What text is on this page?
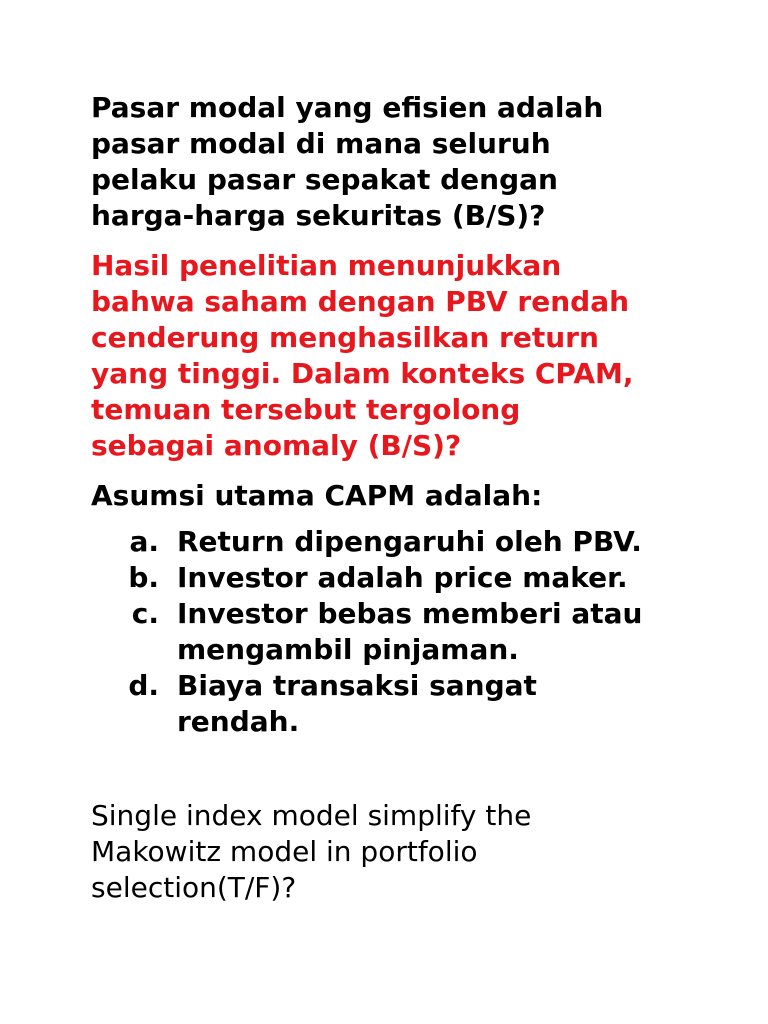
Pasar modal yang efisien adalah
pasar modal di mana seluruh
pelaku pasar sepakat dengan
harga-harga sekuritas (B/S)?

Hasil penelitian menunjukkan
bahwa saham dengan PBV rendah
cenderung menghasilkan return
yang tinggi. Dalam konteks CPAM,
temuan tersebut tergolong
sebagai anomaly (B/S)?

Asumsi utama CAPM adalah:

a. Return dipengaruhi oleh PBV.
b. Investor adalah price maker.
c. Investor bebas memberi atau
mengambil pinjaman.
d. Biaya transaksi sangat
rendah.

Single index model simplify the
Makowitz model in portfolio
selection(T/F)?
